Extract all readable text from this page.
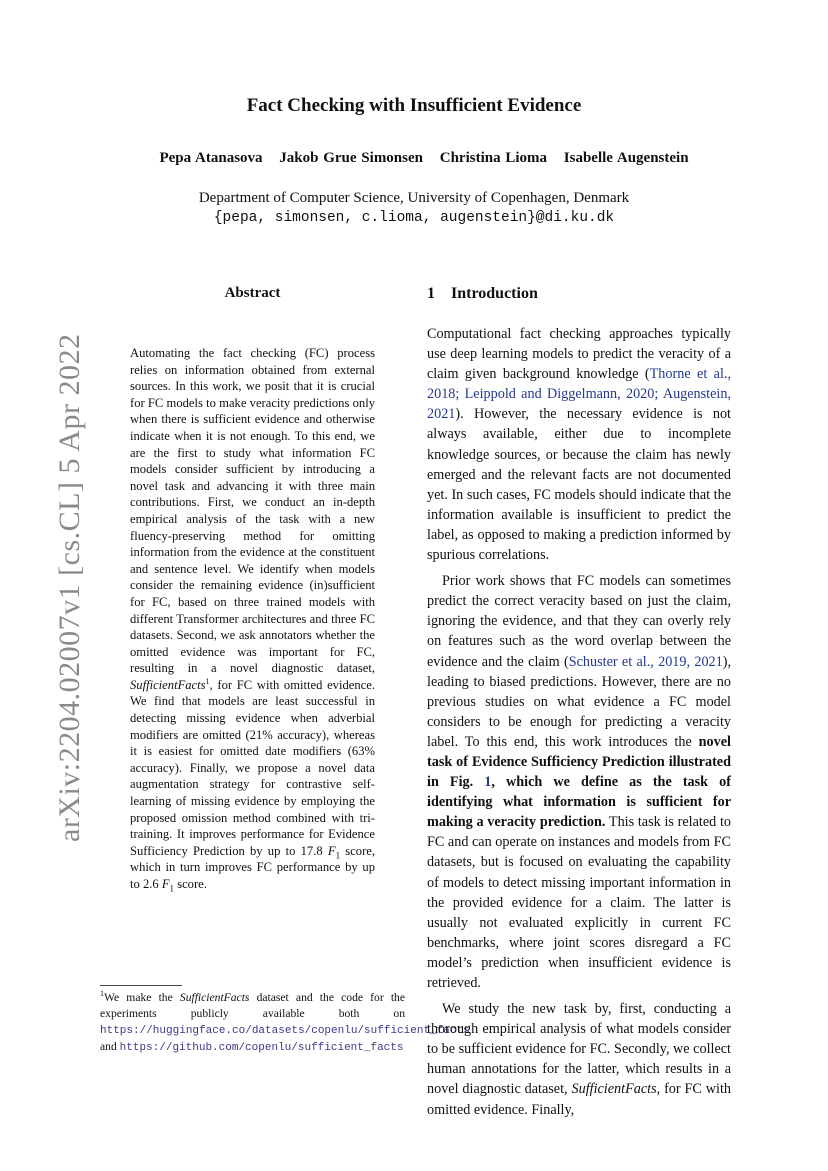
arXiv:2204.02007v1 [cs.CL] 5 Apr 2022
Fact Checking with Insufficient Evidence
Pepa Atanasova Jakob Grue Simonsen Christina Lioma Isabelle Augenstein
Department of Computer Science, University of Copenhagen, Denmark
{pepa, simonsen, c.lioma, augenstein}@di.ku.dk
Abstract
Automating the fact checking (FC) process relies on information obtained from external sources. In this work, we posit that it is crucial for FC models to make veracity predictions only when there is sufficient evidence and otherwise indicate when it is not enough. To this end, we are the first to study what information FC models consider sufficient by introducing a novel task and advancing it with three main contributions. First, we conduct an in-depth empirical analysis of the task with a new fluency-preserving method for omitting information from the evidence at the constituent and sentence level. We identify when models consider the remaining evidence (in)sufficient for FC, based on three trained models with different Transformer architectures and three FC datasets. Second, we ask annotators whether the omitted evidence was important for FC, resulting in a novel diagnostic dataset, SufficientFacts$^1$, for FC with omitted evidence. We find that models are least successful in detecting missing evidence when adverbial modifiers are omitted (21% accuracy), whereas it is easiest for omitted date modifiers (63% accuracy). Finally, we propose a novel data augmentation strategy for contrastive self-learning of missing evidence by employing the proposed omission method combined with tri-training. It improves performance for Evidence Sufficiency Prediction by up to 17.8 $F_1$ score, which in turn improves FC performance by up to 2.6 $F_1$ score.
$^1$We make the SufficientFacts dataset and the code for the experiments publicly available both on https://huggingface.co/datasets/copenlu/sufficient_facts and https://github.com/copenlu/sufficient_facts
1 Introduction

Computational fact checking approaches typically use deep learning models to predict the veracity of a claim given background knowledge (Thorne et al., 2018; Leippold and Diggelmann, 2020; Augenstein, 2021). However, the necessary evidence is not always available, either due to incomplete knowledge sources, or because the claim has newly emerged and the relevant facts are not documented yet. In such cases, FC models should indicate that the information available is insufficient to predict the label, as opposed to making a prediction informed by spurious correlations.

Prior work shows that FC models can sometimes predict the correct veracity based on just the claim, ignoring the evidence, and that they can overly rely on features such as the word overlap between the evidence and the claim (Schuster et al., 2019, 2021), leading to biased predictions. However, there are no previous studies on what evidence a FC model considers to be enough for predicting a veracity label. To this end, this work introduces the novel task of Evidence Sufficiency Prediction illustrated in Fig. 1, which we define as the task of identifying what information is sufficient for making a veracity prediction. This task is related to FC and can operate on instances and models from FC datasets, but is focused on evaluating the capability of models to detect missing important information in the provided evidence for a claim. The latter is usually not evaluated explicitly in current FC benchmarks, where joint scores disregard a FC model’s prediction when insufficient evidence is retrieved.

We study the new task by, first, conducting a thorough empirical analysis of what models consider to be sufficient evidence for FC. Secondly, we collect human annotations for the latter, which results in a novel diagnostic dataset, SufficientFacts, for FC with omitted evidence. Finally,
